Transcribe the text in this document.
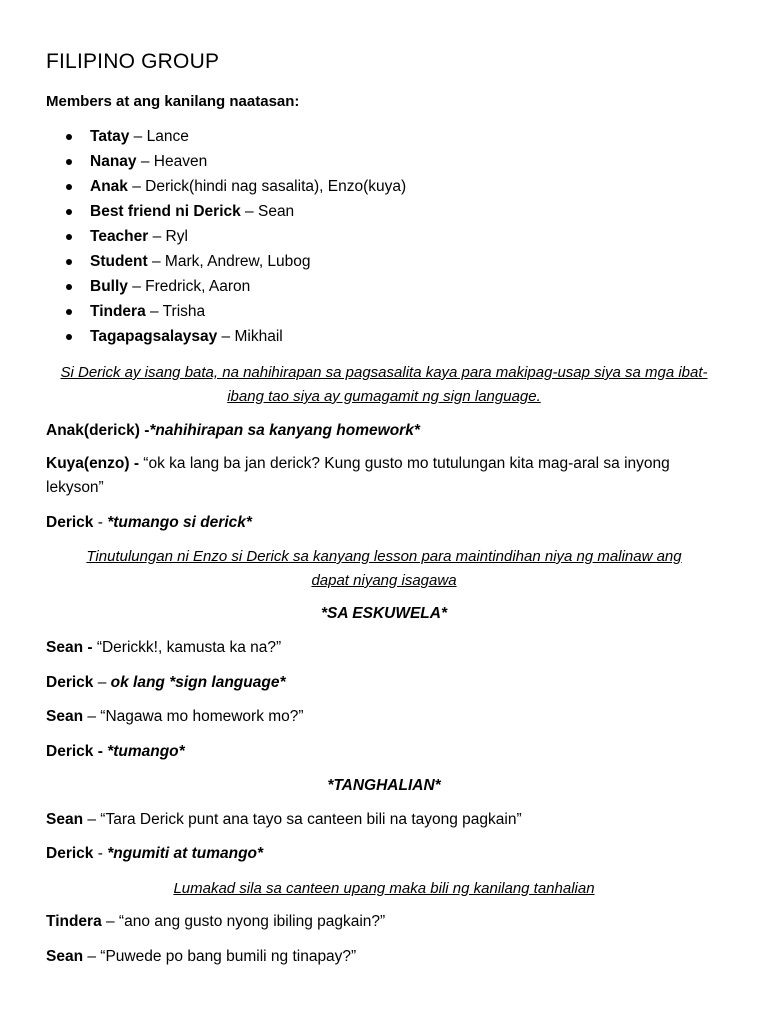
FILIPINO GROUP
Members at ang kanilang naatasan:
Tatay – Lance
Nanay – Heaven
Anak – Derick(hindi nag sasalita), Enzo(kuya)
Best friend ni Derick – Sean
Teacher – Ryl
Student – Mark, Andrew, Lubog
Bully – Fredrick, Aaron
Tindera – Trisha
Tagapagsalaysay – Mikhail
Si Derick ay isang bata, na nahihirapan sa pagsasalita kaya para makipag-usap siya sa mga ibat-
ibang tao siya ay gumagamit ng sign language.
Anak(derick) -*nahihirapan sa kanyang homework*
Kuya(enzo) - “ok ka lang ba jan derick? Kung gusto mo tutulungan kita mag-aral sa inyong
lekyson”
Derick - *tumango si derick*
Tinutulungan ni Enzo si Derick sa kanyang lesson para maintindihan niya ng malinaw ang
dapat niyang isagawa
*SA ESKUWELA*
Sean - “Derickk!, kamusta ka na?”
Derick – ok lang *sign language*
Sean – “Nagawa mo homework mo?”
Derick - *tumango*
*TANGHALIAN*
Sean – “Tara Derick punt ana tayo sa canteen bili na tayong pagkain”
Derick - *ngumiti at tumango*
Lumakad sila sa canteen upang maka bili ng kanilang tanhalian
Tindera – “ano ang gusto nyong ibiling pagkain?”
Sean – “Puwede po bang bumili ng tinapay?”
